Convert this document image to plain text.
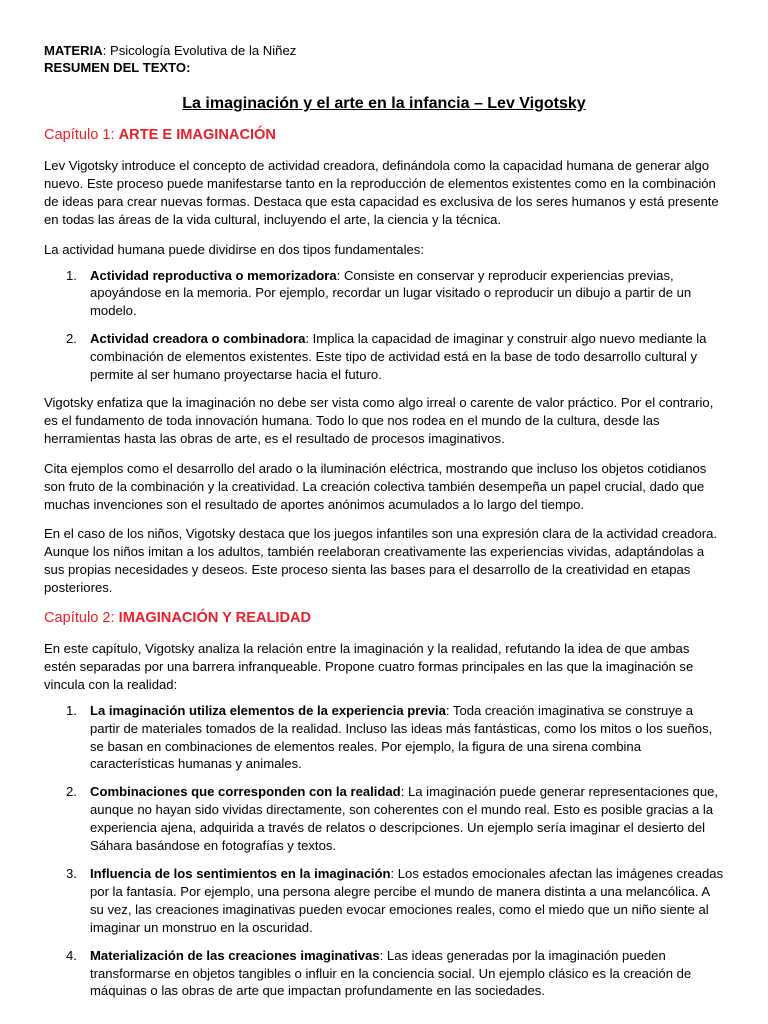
MATERIA: Psicología Evolutiva de la Niñez

RESUMEN DEL TEXTO:

La imaginación y el arte en la infancia – Lev Vigotsky
Capítulo 1: ARTE E IMAGINACIÓN

Lev Vigotsky introduce el concepto de actividad creadora, definándola como la capacidad humana de generar algo nuevo. Este proceso puede manifestarse tanto en la reproducción de elementos existentes como en la combinación de ideas para crear nuevas formas. Destaca que esta capacidad es exclusiva de los seres humanos y está presente en todas las áreas de la vida cultural, incluyendo el arte, la ciencia y la técnica.

La actividad humana puede dividirse en dos tipos fundamentales:

1. Actividad reproductiva o memorizadora: Consiste en conservar y reproducir experiencias previas, apoyándose en la memoria. Por ejemplo, recordar un lugar visitado o reproducir un dibujo a partir de un modelo.
2. Actividad creadora o combinadora: Implica la capacidad de imaginar y construir algo nuevo mediante la combinación de elementos existentes. Este tipo de actividad está en la base de todo desarrollo cultural y permite al ser humano proyectarse hacia el futuro.

Vigotsky enfatiza que la imaginación no debe ser vista como algo irreal o carente de valor práctico. Por el contrario, es el fundamento de toda innovación humana. Todo lo que nos rodea en el mundo de la cultura, desde las herramientas hasta las obras de arte, es el resultado de procesos imaginativos.

Cita ejemplos como el desarrollo del arado o la iluminación eléctrica, mostrando que incluso los objetos cotidianos son fruto de la combinación y la creatividad. La creación colectiva también desempeña un papel crucial, dado que muchas invenciones son el resultado de aportes anónimos acumulados a lo largo del tiempo.

En el caso de los niños, Vigotsky destaca que los juegos infantiles son una expresión clara de la actividad creadora. Aunque los niños imitan a los adultos, también reelaboran creativamente las experiencias vividas, adaptándolas a sus propias necesidades y deseos. Este proceso sienta las bases para el desarrollo de la creatividad en etapas posteriores.

Capítulo 2: IMAGINACIÓN Y REALIDAD

En este capítulo, Vigotsky analiza la relación entre la imaginación y la realidad, refutando la idea de que ambas estén separadas por una barrera infranqueable. Propone cuatro formas principales en las que la imaginación se vincula con la realidad:

1. La imaginación utiliza elementos de la experiencia previa: Toda creación imaginativa se construye a partir de materiales tomados de la realidad. Incluso las ideas más fantásticas, como los mitos o los sueños, se basan en combinaciones de elementos reales. Por ejemplo, la figura de una sirena combina características humanas y animales.
2. Combinaciones que corresponden con la realidad: La imaginación puede generar representaciones que, aunque no hayan sido vividas directamente, son coherentes con el mundo real. Esto es posible gracias a la experiencia ajena, adquirida a través de relatos o descripciones. Un ejemplo sería imaginar el desierto del Sáhara basándose en fotografías y textos.
3. Influencia de los sentimientos en la imaginación: Los estados emocionales afectan las imágenes creadas por la fantasía. Por ejemplo, una persona alegre percibe el mundo de manera distinta a una melancólica. A su vez, las creaciones imaginativas pueden evocar emociones reales, como el miedo que un niño siente al imaginar un monstruo en la oscuridad.
4. Materialización de las creaciones imaginativas: Las ideas generadas por la imaginación pueden transformarse en objetos tangibles o influir en la conciencia social. Un ejemplo clásico es la creación de máquinas o las obras de arte que impactan profundamente en las sociedades.
